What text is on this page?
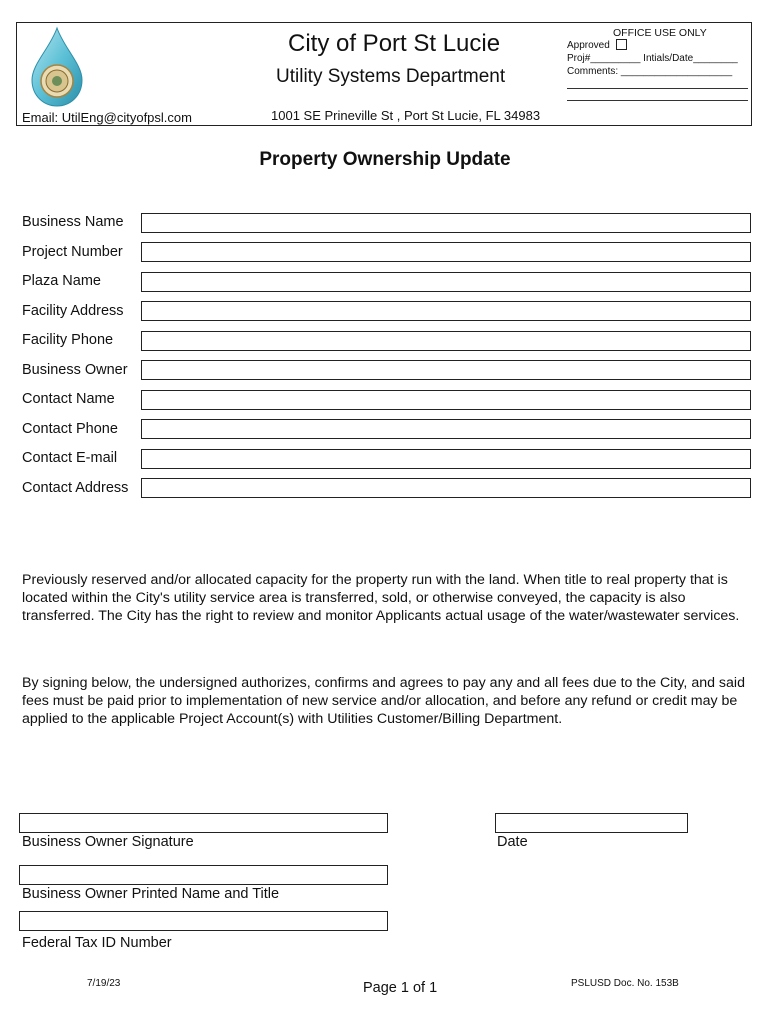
City of Port St Lucie
Utility Systems Department
Email: UtilEng@cityofpsl.com	1001 SE Prineville St , Port St Lucie, FL 34983
OFFICE USE ONLY
Approved
Proj#_________ Intials/Date________
Comments: ____________________
Property Ownership Update
Business Name
Project Number
Plaza Name
Facility Address
Facility Phone
Business Owner
Contact Name
Contact Phone
Contact E-mail
Contact Address
Previously reserved and/or allocated capacity for the property run with the land. When title to real property that is located within the City's utility service area is transferred, sold, or otherwise conveyed, the capacity is also transferred. The City has the right to review and monitor Applicants actual usage of the water/wastewater services.
By signing below, the undersigned authorizes, confirms and agrees to pay any and all fees due to the City, and said fees must be paid prior to implementation of new service and/or allocation, and before any refund or credit may be applied to the applicable Project Account(s) with Utilities Customer/Billing Department.
Business Owner Signature	Date
Business Owner Printed Name and Title
Federal Tax ID Number
7/19/23	Page 1 of 1	PSLUSD Doc. No. 153B
